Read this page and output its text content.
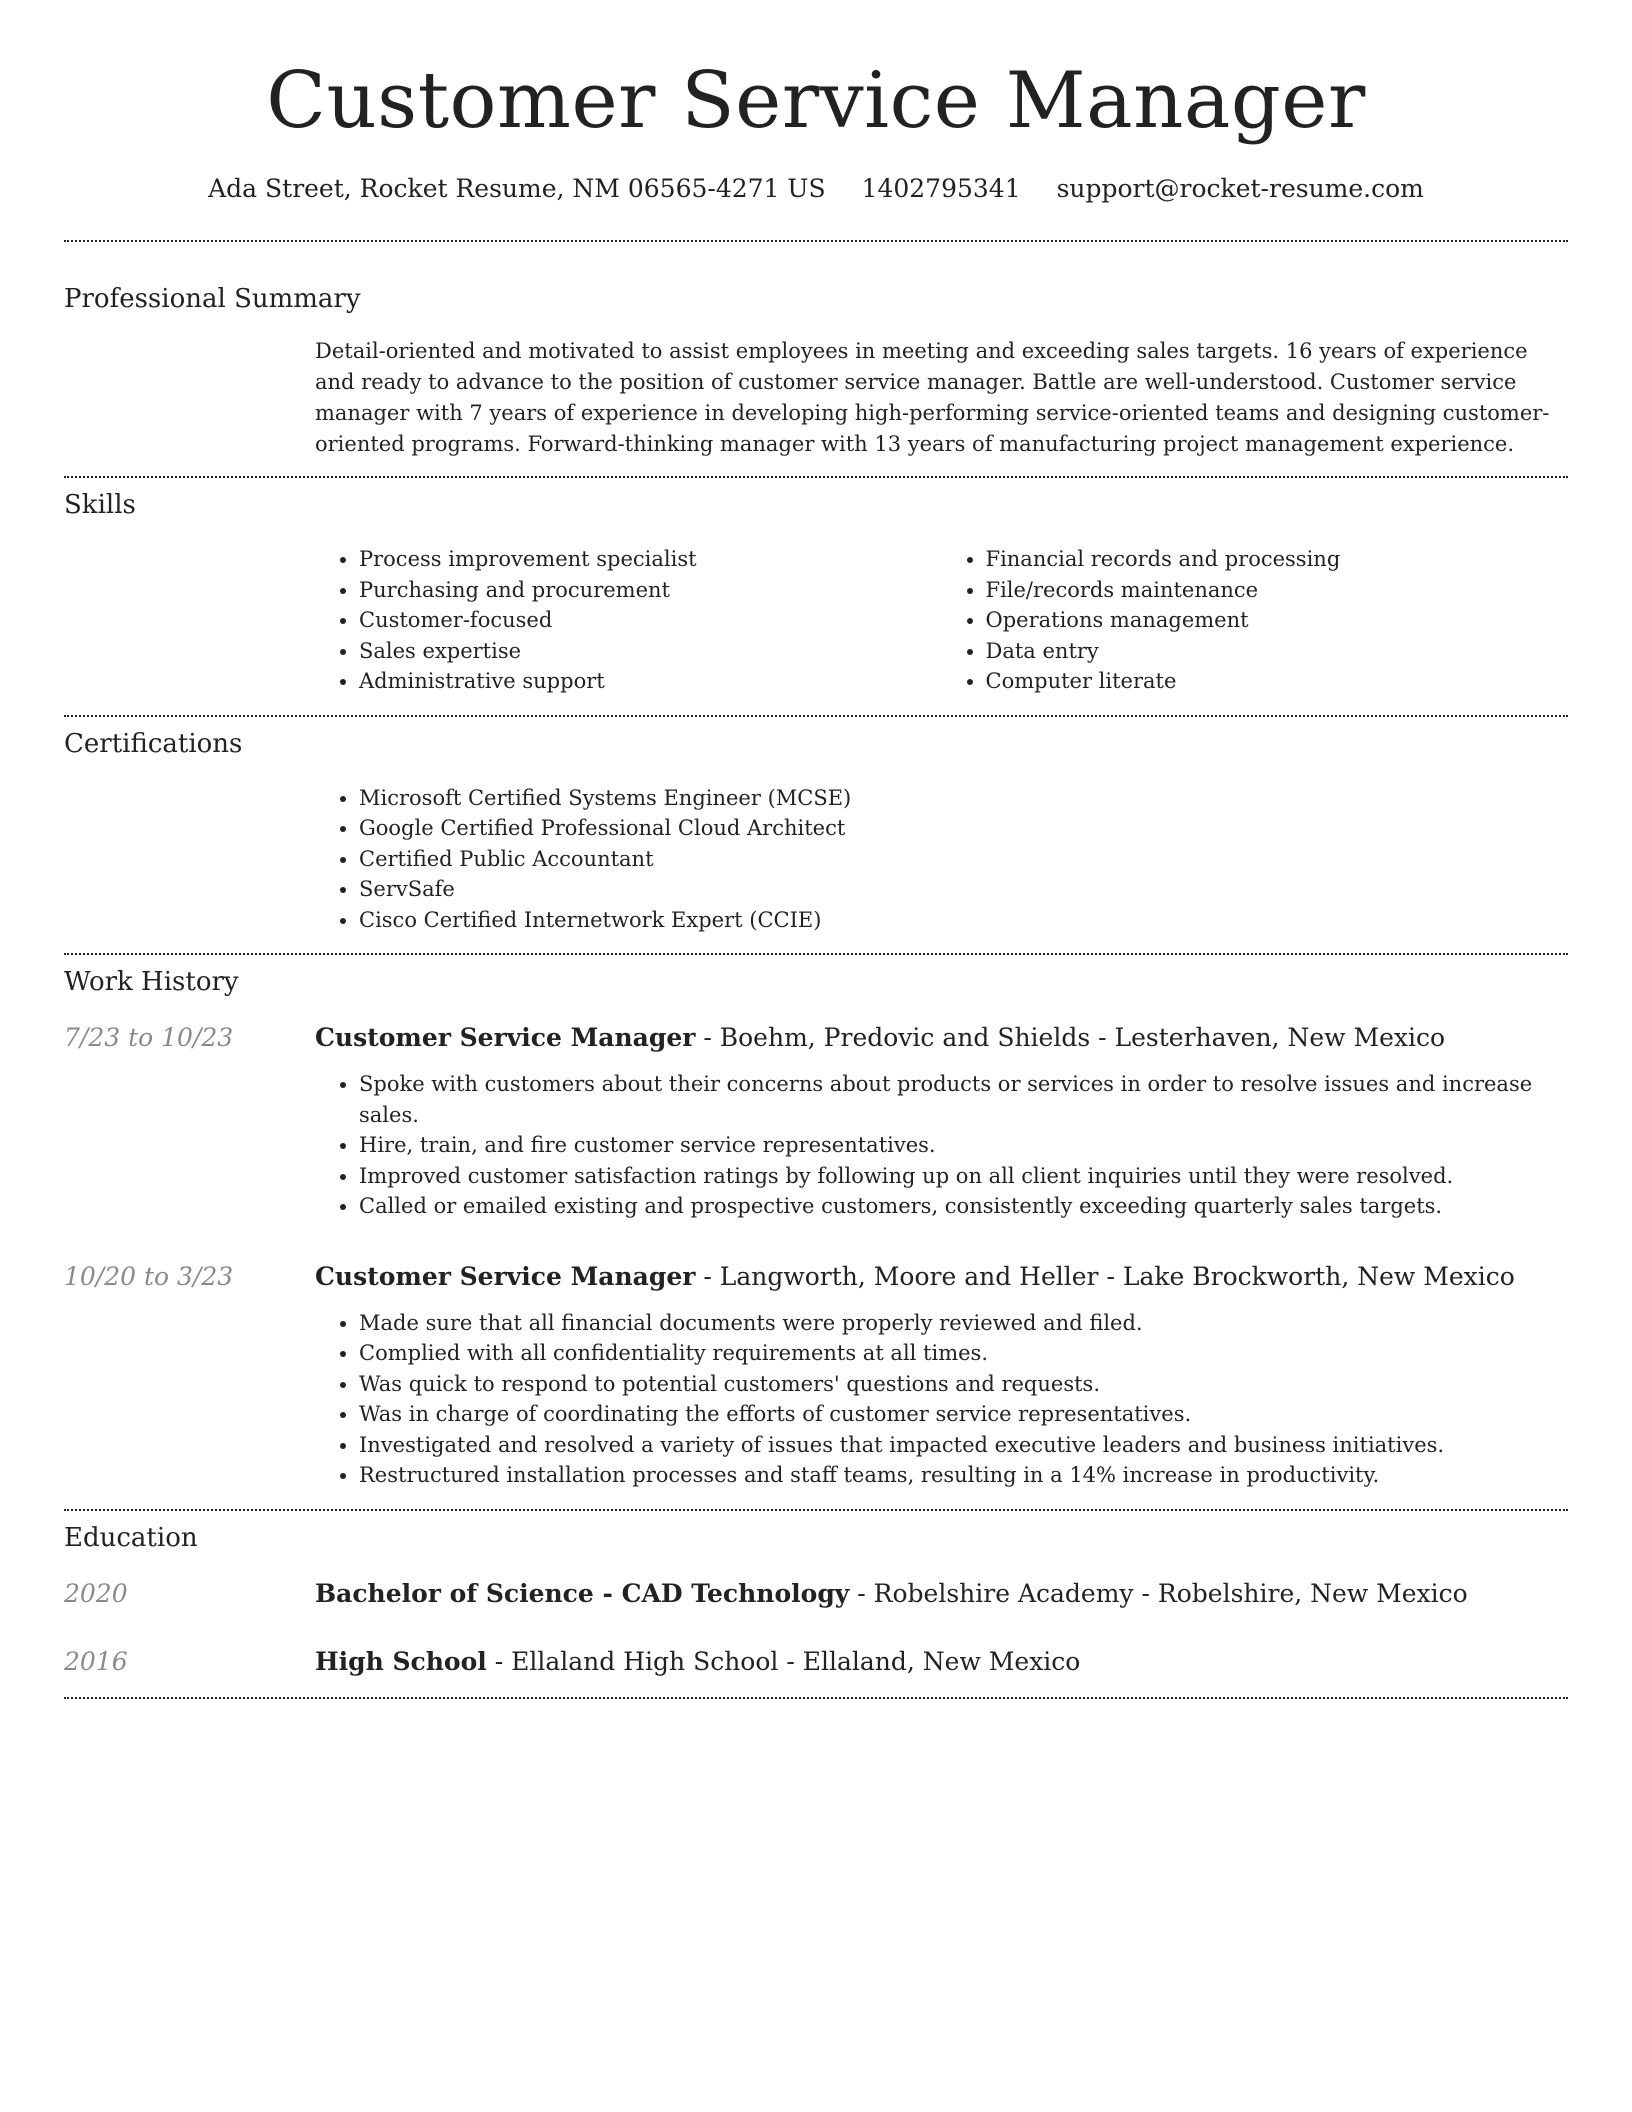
Customer Service Manager
Ada Street, Rocket Resume, NM 06565-4271 US 1402795341 support@rocket-resume.com
Professional Summary

Detail-oriented and motivated to assist employees in meeting and exceeding sales targets. 16 years of experience and ready to advance to the position of customer service manager. Battle are well-understood. Customer service manager with 7 years of experience in developing high-performing service-oriented teams and designing customer-oriented programs. Forward-thinking manager with 13 years of manufacturing project management experience.

Skills
• Process improvement specialist
• Purchasing and procurement
• Customer-focused
• Sales expertise
• Administrative support
• Financial records and processing
• File/records maintenance
• Operations management
• Data entry
• Computer literate
Certifications
• Microsoft Certified Systems Engineer (MCSE)
• Google Certified Professional Cloud Architect
• Certified Public Accountant
• ServSafe
• Cisco Certified Internetwork Expert (CCIE)
Work History
7/23 to 10/23	Customer Service Manager - Boehm, Predovic and Shields - Lesterhaven, New Mexico
• Spoke with customers about their concerns about products or services in order to resolve issues and increase sales.
• Hire, train, and fire customer service representatives.
• Improved customer satisfaction ratings by following up on all client inquiries until they were resolved.
• Called or emailed existing and prospective customers, consistently exceeding quarterly sales targets.
10/20 to 3/23	Customer Service Manager - Langworth, Moore and Heller - Lake Brockworth, New Mexico
• Made sure that all financial documents were properly reviewed and filed.
• Complied with all confidentiality requirements at all times.
• Was quick to respond to potential customers' questions and requests.
• Was in charge of coordinating the efforts of customer service representatives.
• Investigated and resolved a variety of issues that impacted executive leaders and business initiatives.
• Restructured installation processes and staff teams, resulting in a 14% increase in productivity.
Education
2020	Bachelor of Science - CAD Technology - Robelshire Academy - Robelshire, New Mexico
2016	High School - Ellaland High School - Ellaland, New Mexico
